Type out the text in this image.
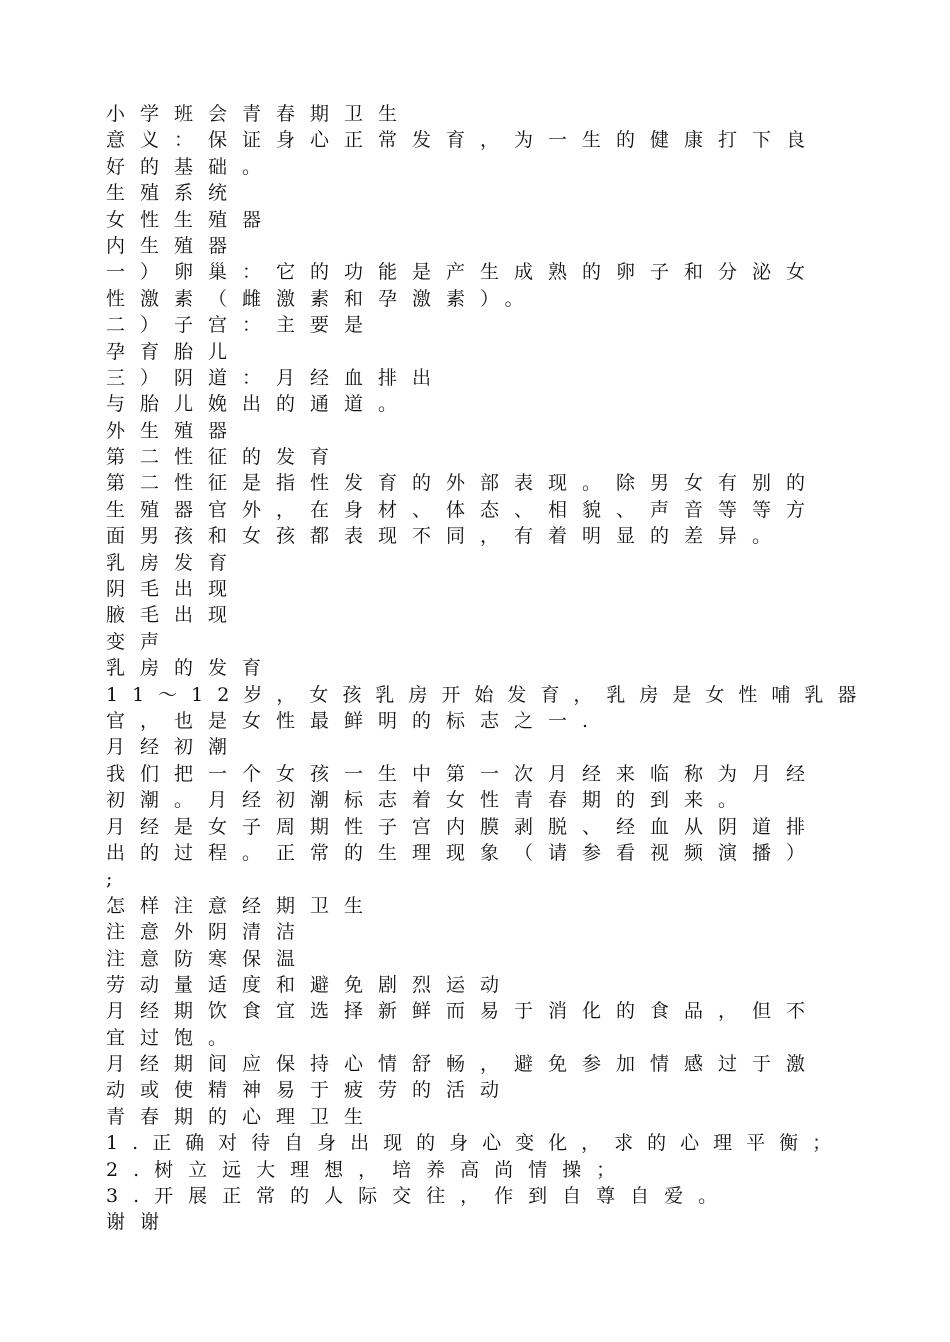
小学班会青春期卫生
意义：保证身心正常发育，为一生的健康打下良
好的基础。
生殖系统
女性生殖器
内生殖器
一）卵巢：它的功能是产生成熟的卵子和分泌女
性激素（雌激素和孕激素）。
二）子宫：主要是
孕育胎儿
三）阴道：月经血排出
与胎儿娩出的通道。
外生殖器
第二性征的发育
第二性征是指性发育的外部表现。除男女有别的
生殖器官外，在身材、体态、相貌、声音等等方
面男孩和女孩都表现不同，有着明显的差异。
乳房发育
阴毛出现
腋毛出现
变声
乳房的发育
11～12岁，女孩乳房开始发育，乳房是女性哺乳器
官，也是女性最鲜明的标志之一.
月经初潮
我们把一个女孩一生中第一次月经来临称为月经
初潮。月经初潮标志着女性青春期的到来。
月经是女子周期性子宫内膜剥脱、经血从阴道排
出的过程。正常的生理现象（请参看视频演播）
;
怎样注意经期卫生
注意外阴清洁
注意防寒保温
劳动量适度和避免剧烈运动
月经期饮食宜选择新鲜而易于消化的食品，但不
宜过饱。
月经期间应保持心情舒畅，避免参加情感过于激
动或使精神易于疲劳的活动
青春期的心理卫生
1.正确对待自身出现的身心变化，求的心理平衡；
2.树立远大理想，培养高尚情操；
3.开展正常的人际交往，作到自尊自爱。
谢谢
